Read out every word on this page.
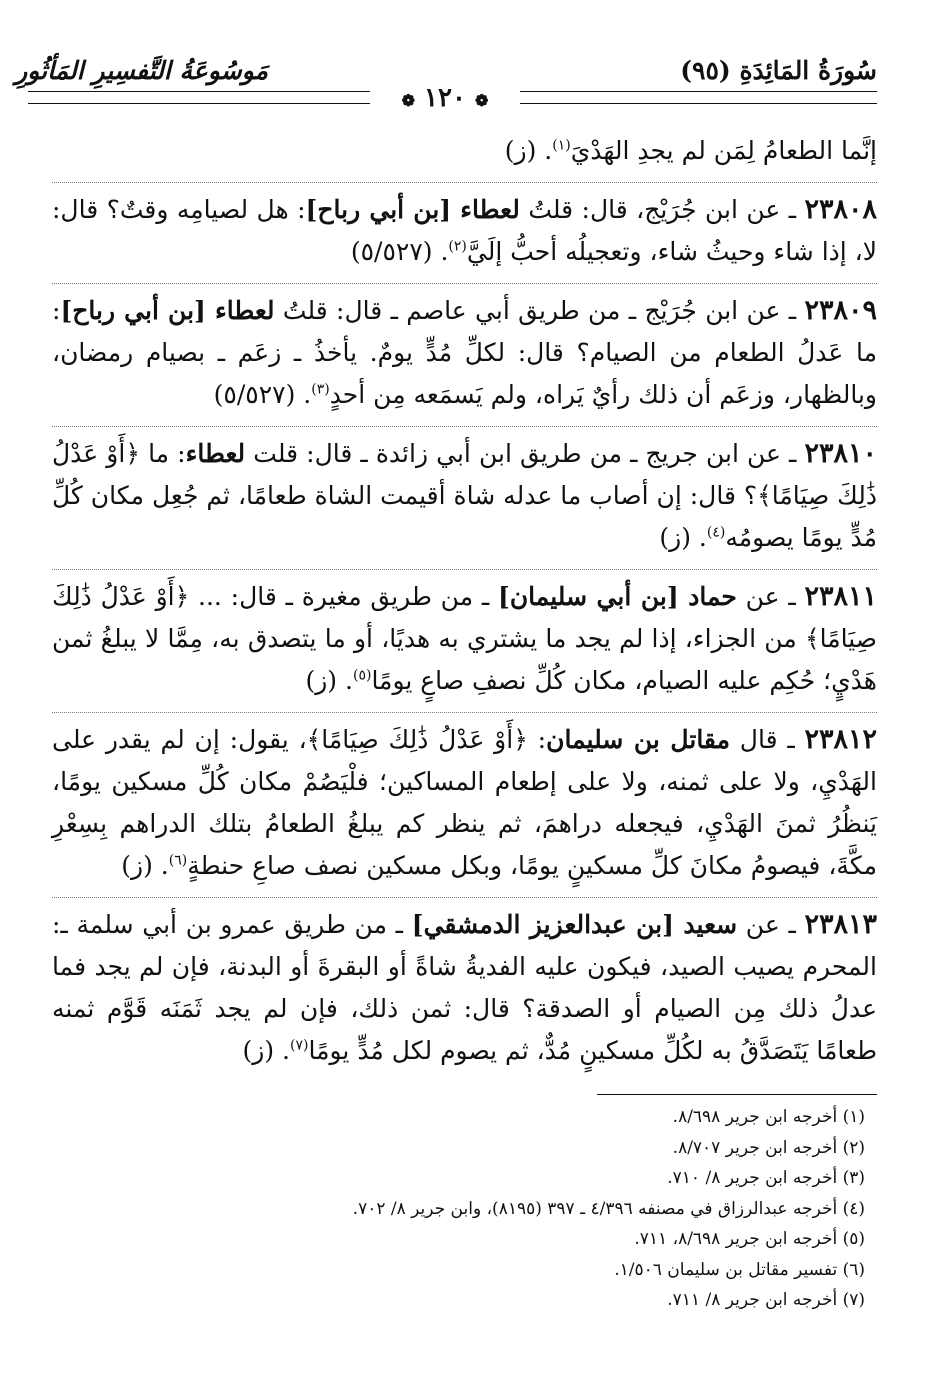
سُورَةُ المَائِدَةِ (٩٥)
مَوسُوعَةُ التَّفسِيرِ المَأثُورِ
❁ ١٢٠ ❁

إنَّما الطعامُ لِمَن لم يجدِ الهَدْيَ$^{(١)}$. (ز)

٢٣٨٠٨ ـ عن ابن جُرَيْج، قال: قلتُ لعطاء [بن أبي رباح]: هل لصيامِه وقتٌ؟ قال: لا، إذا شاء وحيثُ شاء، وتعجيلُه أحبُّ إلَيَّ$^{(٢)}$. (٥/٥٢٧)

٢٣٨٠٩ ـ عن ابن جُرَيْج ـ من طريق أبي عاصم ـ قال: قلتُ لعطاء [بن أبي رباح]: ما عَدلُ الطعام من الصيام؟ قال: لكلِّ مُدٍّ يومٌ. يأخذُ ـ زعَم ـ بصيام رمضان، وبالظهار، وزعَم أن ذلك رأيٌ يَراه، ولم يَسمَعه مِن أحدٍ$^{(٣)}$. (٥/٥٢٧)

٢٣٨١٠ ـ عن ابن جريج ـ من طريق ابن أبي زائدة ـ قال: قلت لعطاء: ما ﴿أَوْ عَدْلُ ذَٰلِكَ صِيَامًا﴾؟ قال: إن أصاب ما عدله شاة أقيمت الشاة طعامًا، ثم جُعِل مكان كُلِّ مُدٍّ يومًا يصومُه$^{(٤)}$. (ز)

٢٣٨١١ ـ عن حماد [بن أبي سليمان] ـ من طريق مغيرة ـ قال: ... ﴿أَوْ عَدْلُ ذَٰلِكَ صِيَامًا﴾ من الجزاء، إذا لم يجد ما يشتري به هديًا، أو ما يتصدق به، مِمَّا لا يبلغُ ثمن هَدْيٍ؛ حُكِم عليه الصيام، مكان كُلِّ نصفِ صاعٍ يومًا$^{(٥)}$. (ز)

٢٣٨١٢ ـ قال مقاتل بن سليمان: ﴿أَوْ عَدْلُ ذَٰلِكَ صِيَامًا﴾، يقول: إن لم يقدر على الهَدْيِ، ولا على ثمنه، ولا على إطعام المساكين؛ فلْيَصُمْ مكان كُلِّ مسكين يومًا، يَنظُرُ ثمنَ الهَدْيِ، فيجعله دراهمَ، ثم ينظر كم يبلغُ الطعامُ بتلك الدراهم بِسِعْرِ مكَّةَ، فيصومُ مكانَ كلِّ مسكينٍ يومًا، وبكل مسكين نصف صاعِ حنطةٍ$^{(٦)}$. (ز)

٢٣٨١٣ ـ عن سعيد [بن عبدالعزيز الدمشقي] ـ من طريق عمرو بن أبي سلمة ـ: المحرم يصيب الصيد، فيكون عليه الفديةُ شاةً أو البقرةَ أو البدنة، فإن لم يجد فما عدلُ ذلك مِن الصيام أو الصدقة؟ قال: ثمن ذلك، فإن لم يجد ثَمَنَه قَوَّم ثمنه طعامًا يَتَصَدَّقُ به لكُلِّ مسكينٍ مُدٌّ، ثم يصوم لكل مُدٍّ يومًا$^{(٧)}$. (ز)

(١) أخرجه ابن جرير ٨/٦٩٨.

(٢) أخرجه ابن جرير ٨/٧٠٧.

(٣) أخرجه ابن جرير ٨/ ٧١٠.

(٤) أخرجه عبدالرزاق في مصنفه ٤/٣٩٦ ـ ٣٩٧ (٨١٩٥)، وابن جرير ٨/ ٧٠٢.

(٥) أخرجه ابن جرير ٨/٦٩٨، ٧١١.

(٦) تفسير مقاتل بن سليمان ١/٥٠٦.

(٧) أخرجه ابن جرير ٨/ ٧١١.
